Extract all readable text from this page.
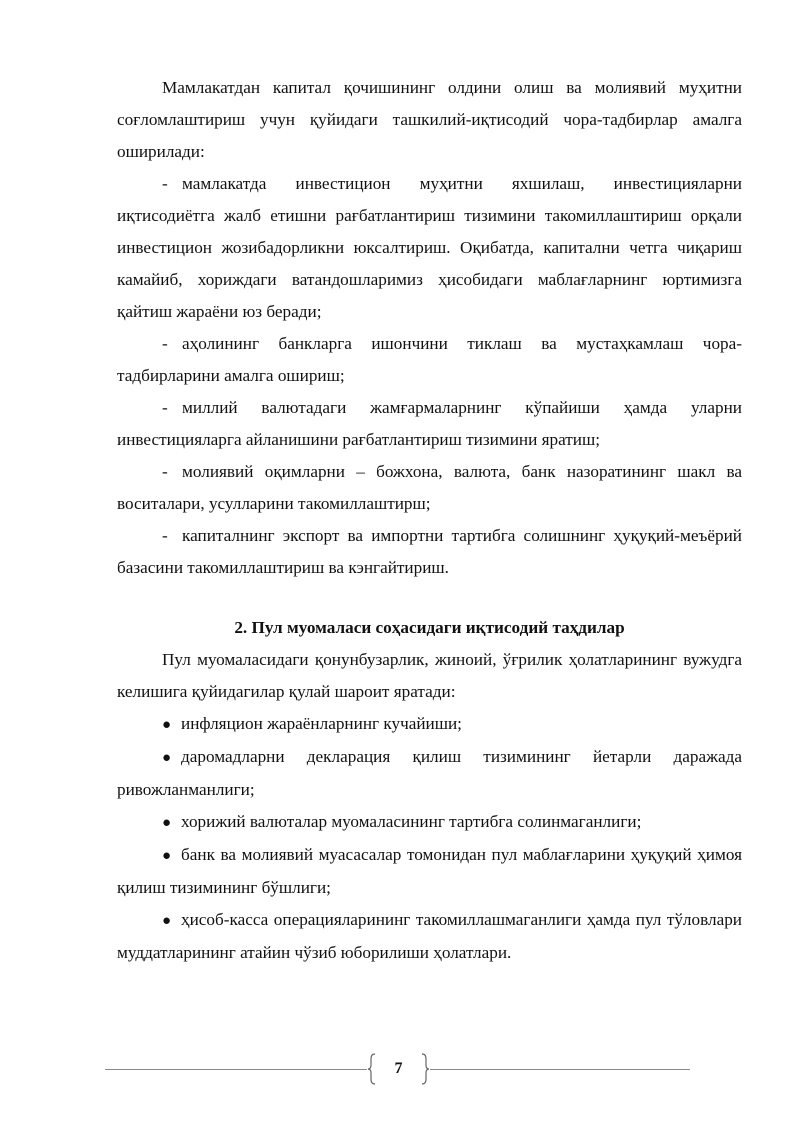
Мамлакатдан капитал қочишининг олдини олиш ва молиявий муҳитни соғломлаштириш учун қуйидаги ташкилий-иқтисодий чора-тадбирлар амалга оширилади:

- мамлакатда инвестицион муҳитни яхшилаш, инвестицияларни иқтисодиётга жалб етишни рағбатлантириш тизимини такомиллаштириш орқали инвестицион жозибадорликни юксалтириш. Оқибатда, капитални четга чиқариш камайиб, хориждаги ватандошларимиз ҳисобидаги маблағларнинг юртимизга қайтиш жараёни юз беради;

- аҳолининг банкларга ишончини тиклаш ва мустаҳкамлаш чора-тадбирларини амалга ошириш;

- миллий валютадаги жамғармаларнинг кўпайиши ҳамда уларни инвестицияларга айланишини рағбатлантириш тизимини яратиш;

- молиявий оқимларни – божхона, валюта, банк назоратининг шакл ва воситалари, усулларини такомиллаштирш;

- капиталнинг экспорт ва импортни тартибга солишнинг ҳуқуқий-меъёрий базасини такомиллаштириш ва кэнгайтириш.

2. Пул муомаласи соҳасидаги иқтисодий таҳдилар

Пул муомаласидаги қонунбузарлик, жиноий, ўғрилик ҳолатларининг вужудга келишига қуйидагилар қулай шароит яратади:

● инфляцион жараёнларнинг кучайиши;

● даромадларни декларация қилиш тизимининг йетарли даражада ривожланманлиги;

● хорижий валюталар муомаласининг тартибга солинмаганлиги;

● банк ва молиявий муасасалар томонидан пул маблағларини ҳуқуқий ҳимоя қилиш тизимининг бўшлиги;

● ҳисоб-касса операцияларининг такомиллашмаганлиги ҳамда пул тўловлари муддатларининг атайин чўзиб юборилиши ҳолатлари.

7
